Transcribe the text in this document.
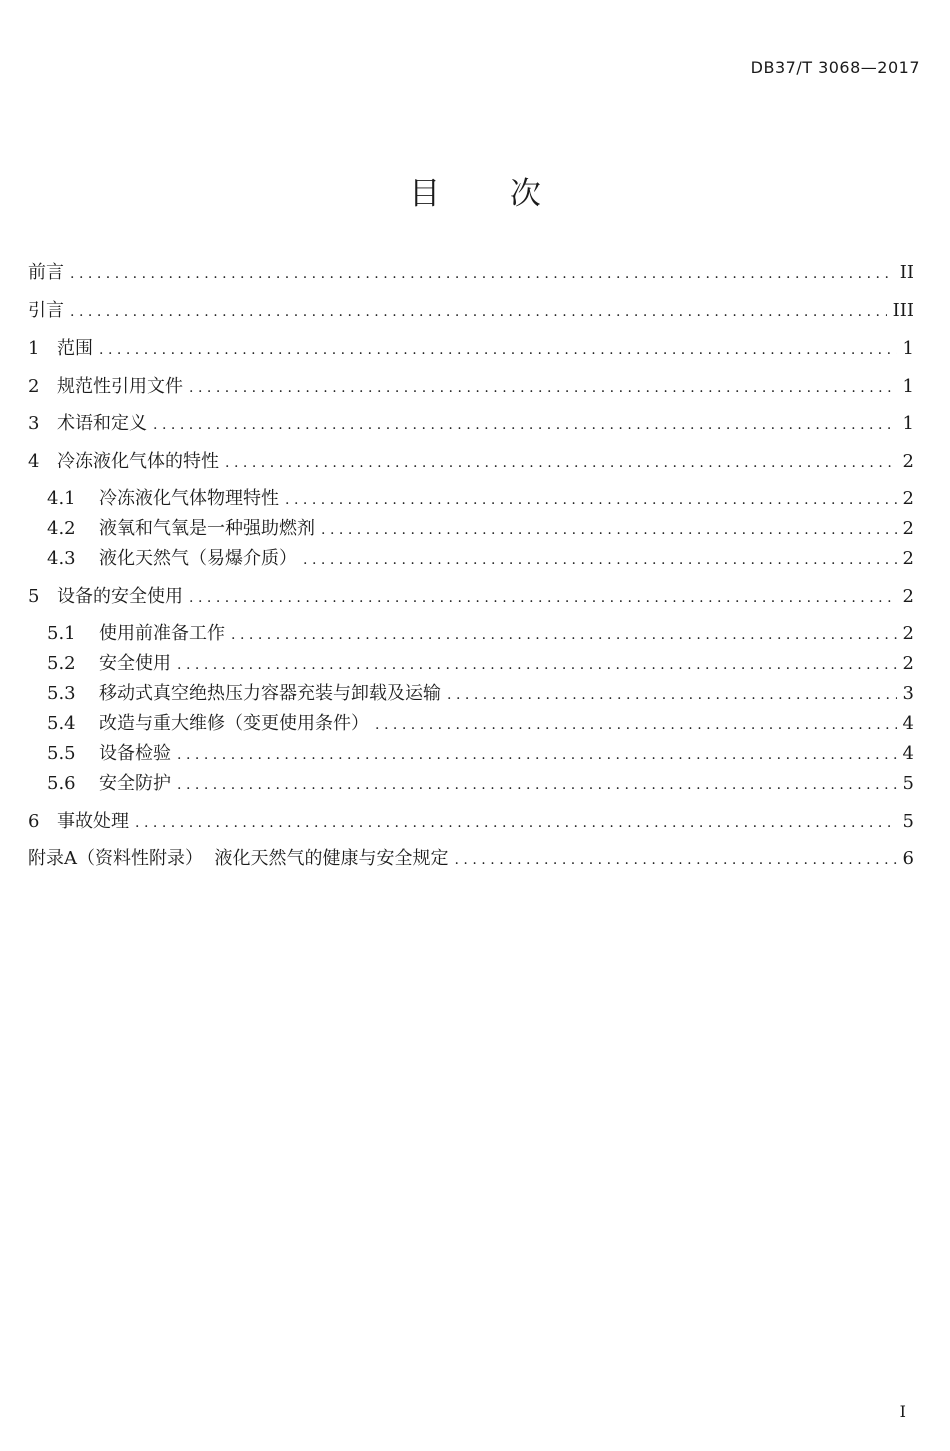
DB37/T 3068—2017
目 次
前言 .....	II
引言 .....	III
1 范围 .....	1
2 规范性引用文件 .....	1
3 术语和定义 .....	1
4 冷冻液化气体的特性 .....	2
4.1	冷冻液化气体物理特性 .....	2
4.2	液氧和气氧是一种强助燃剂 .....	2
4.3	液化天然气（易爆介质） .....	2
5 设备的安全使用 .....	2
5.1	使用前准备工作 .....	2
5.2	安全使用 .....	2
5.3	移动式真空绝热压力容器充装与卸载及运输 .....	3
5.4	改造与重大维修（变更使用条件） .....	4
5.5	设备检验 .....	4
5.6	安全防护 .....	5
6 事故处理 .....	5
附录A（资料性附录）  液化天然气的健康与安全规定 .....	6
I
